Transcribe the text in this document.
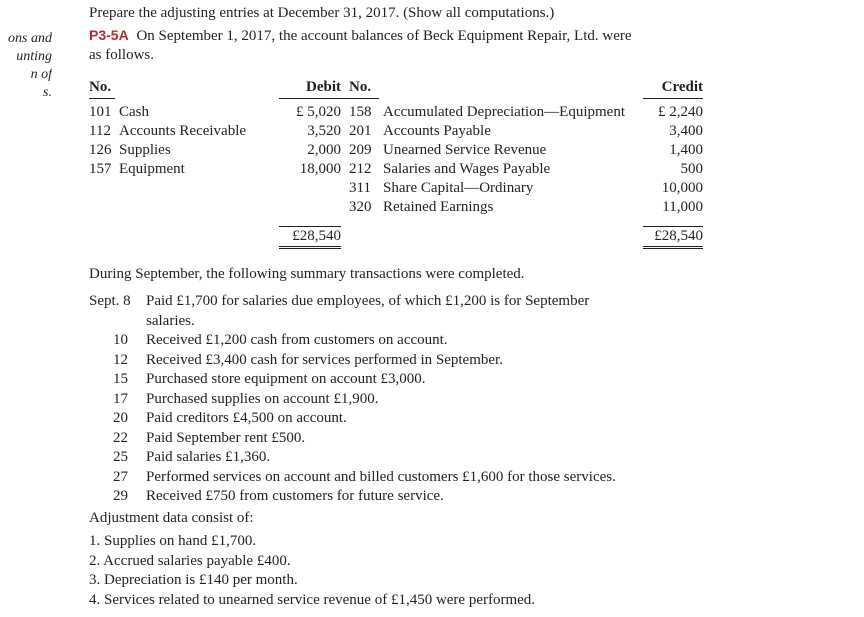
ons and
unting
n of
s.
Prepare the adjusting entries at December 31, 2017. (Show all computations.)
P3-5A On September 1, 2017, the account balances of Beck Equipment Repair, Ltd. were
as follows.
No.		Debit	No.		Credit

101	Cash	£ 5,020	158	Accumulated Depreciation—Equipment	£ 2,240
112	Accounts Receivable	3,520	201	Accounts Payable	3,400
126	Supplies	2,000	209	Unearned Service Revenue	1,400
157	Equipment	18,000	212	Salaries and Wages Payable	500
			311	Share Capital—Ordinary	10,000
			320	Retained Earnings	11,000

		£28,540			£28,540
During September, the following summary transactions were completed.
Sept. 8	Paid £1,700 for salaries due employees, of which £1,200 is for September
salaries.
10	Received £1,200 cash from customers on account.
12	Received £3,400 cash for services performed in September.
15	Purchased store equipment on account £3,000.
17	Purchased supplies on account £1,900.
20	Paid creditors £4,500 on account.
22	Paid September rent £500.
25	Paid salaries £1,360.
27	Performed services on account and billed customers £1,600 for those services.
29	Received £750 from customers for future service.
Adjustment data consist of:
1. Supplies on hand £1,700.
2. Accrued salaries payable £400.
3. Depreciation is £140 per month.
4. Services related to unearned service revenue of £1,450 were performed.
